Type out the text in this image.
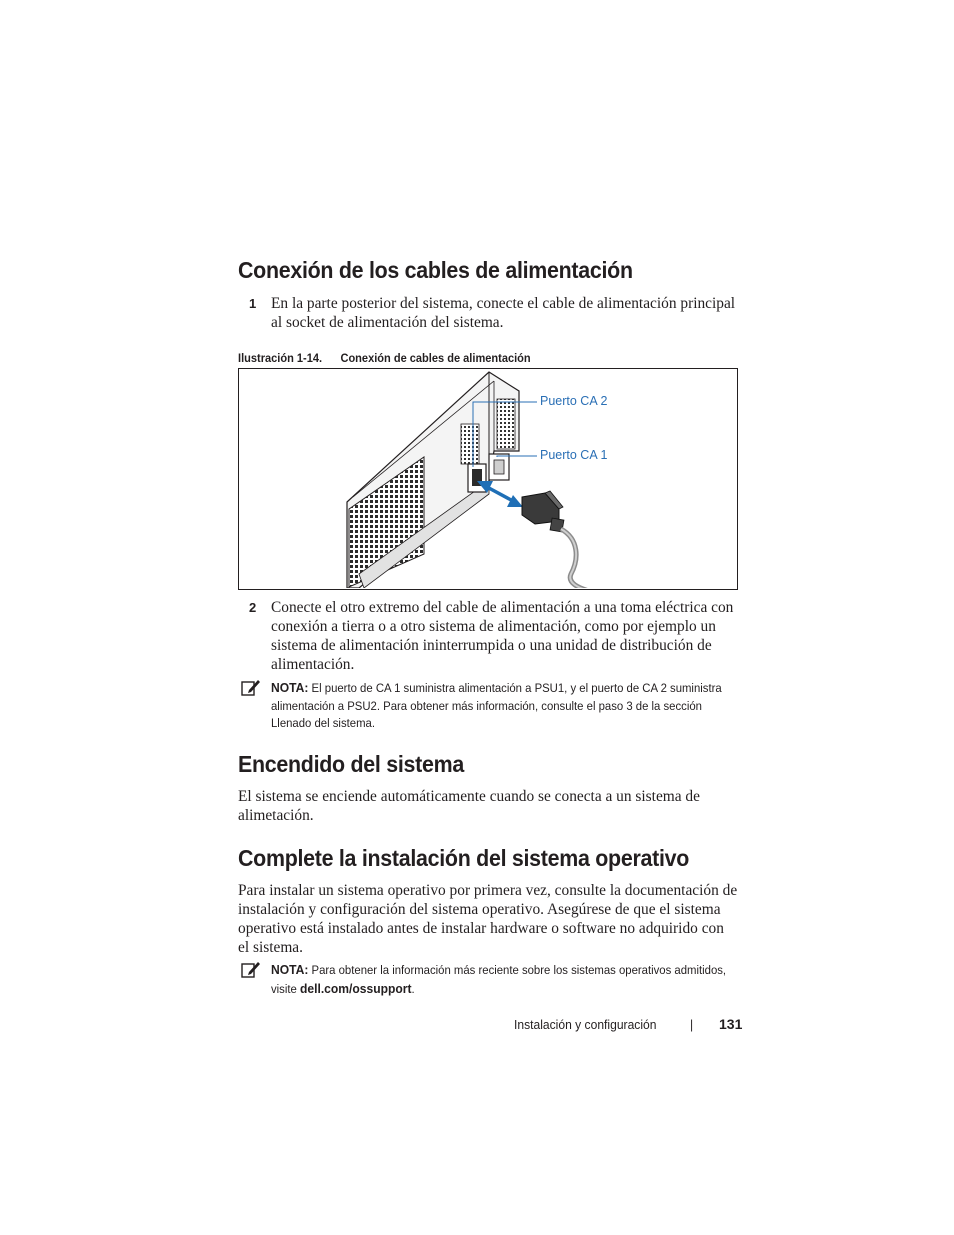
Conexión de los cables de alimentación
1 En la parte posterior del sistema, conecte el cable de alimentación principal al socket de alimentación del sistema.

Ilustración 1-14. Conexión de cables de alimentación
Puerto CA 2
Puerto CA 1
2 Conecte el otro extremo del cable de alimentación a una toma eléctrica con conexión a tierra o a otro sistema de alimentación, como por ejemplo un sistema de alimentación ininterrumpida o una unidad de distribución de alimentación.

NOTA: El puerto de CA 1 suministra alimentación a PSU1, y el puerto de CA 2 suministra alimentación a PSU2. Para obtener más información, consulte el paso 3 de la sección Llenado del sistema.

Encendido del sistema

El sistema se enciende automáticamente cuando se conecta a un sistema de alimetación.

Complete la instalación del sistema operativo

Para instalar un sistema operativo por primera vez, consulte la documentación de instalación y configuración del sistema operativo. Asegúrese de que el sistema operativo está instalado antes de instalar hardware o software no adquirido con el sistema.

NOTA: Para obtener la información más reciente sobre los sistemas operativos admitidos, visite dell.com/ossupport.

Instalación y configuración	| 131
